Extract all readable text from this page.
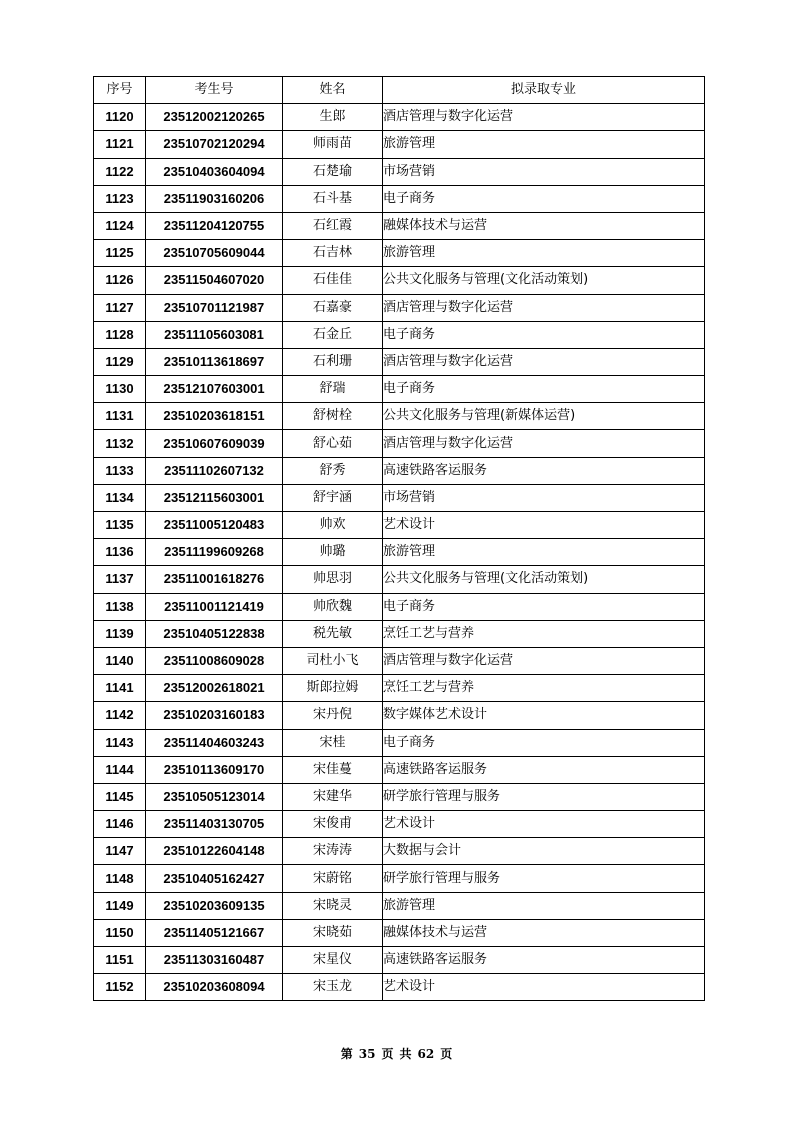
序号	考生号	姓名	拟录取专业
1120	23512002120265	生郎	酒店管理与数字化运营
1121	23510702120294	师雨苗	旅游管理
1122	23510403604094	石楚瑜	市场营销
1123	23511903160206	石斗基	电子商务
1124	23511204120755	石红霞	融媒体技术与运营
1125	23510705609044	石吉林	旅游管理
1126	23511504607020	石佳佳	公共文化服务与管理(文化活动策划)
1127	23510701121987	石嘉豪	酒店管理与数字化运营
1128	23511105603081	石金丘	电子商务
1129	23510113618697	石利珊	酒店管理与数字化运营
1130	23512107603001	舒瑞	电子商务
1131	23510203618151	舒树栓	公共文化服务与管理(新媒体运营)
1132	23510607609039	舒心茹	酒店管理与数字化运营
1133	23511102607132	舒秀	高速铁路客运服务
1134	23512115603001	舒宇涵	市场营销
1135	23511005120483	帅欢	艺术设计
1136	23511199609268	帅璐	旅游管理
1137	23511001618276	帅思羽	公共文化服务与管理(文化活动策划)
1138	23511001121419	帅欣魏	电子商务
1139	23510405122838	税先敏	烹饪工艺与营养
1140	23511008609028	司杜小飞	酒店管理与数字化运营
1141	23512002618021	斯郎拉姆	烹饪工艺与营养
1142	23510203160183	宋丹倪	数字媒体艺术设计
1143	23511404603243	宋桂	电子商务
1144	23510113609170	宋佳蔓	高速铁路客运服务
1145	23510505123014	宋建华	研学旅行管理与服务
1146	23511403130705	宋俊甫	艺术设计
1147	23510122604148	宋涛涛	大数据与会计
1148	23510405162427	宋蔚铭	研学旅行管理与服务
1149	23510203609135	宋晓灵	旅游管理
1150	23511405121667	宋晓茹	融媒体技术与运营
1151	23511303160487	宋星仪	高速铁路客运服务
1152	23510203608094	宋玉龙	艺术设计
第 35 页 共 62 页
